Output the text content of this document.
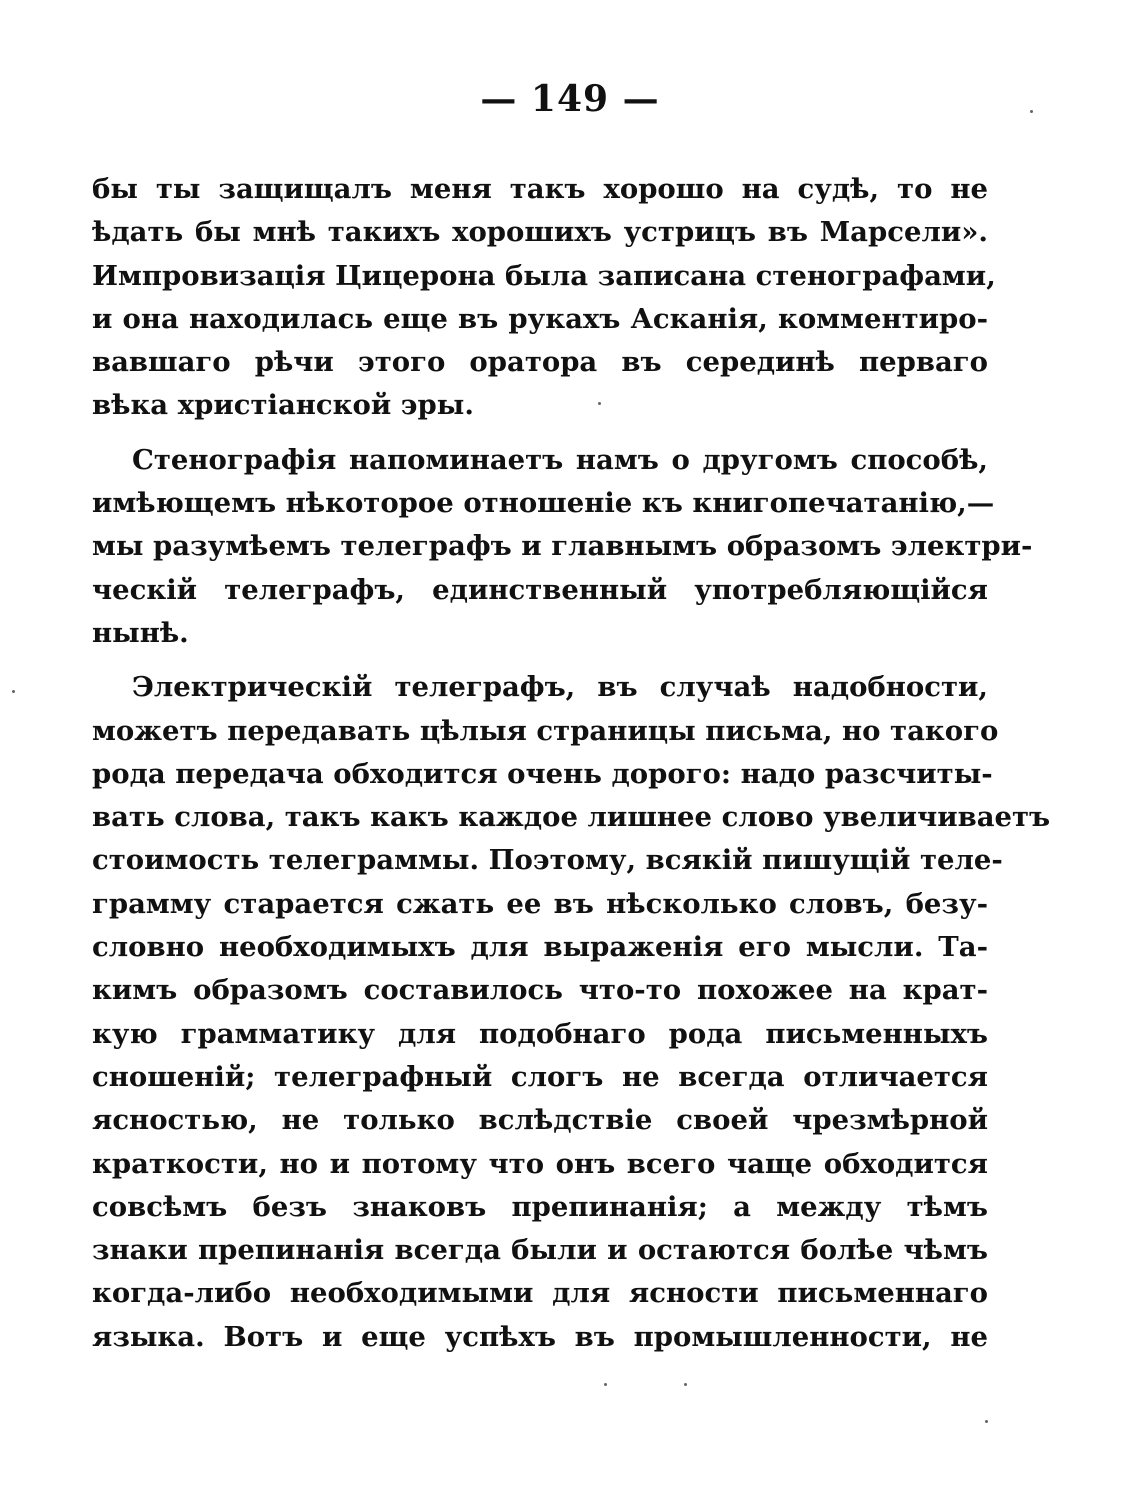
— 149 —
бы ты защищалъ меня такъ хорошо на судѣ, то не
ѣдать бы мнѣ такихъ хорошихъ устрицъ въ Марсели».
Импровизація Цицерона была записана стенографами,
и она находилась еще въ рукахъ Асканія, комментиро-
вавшаго рѣчи этого оратора въ серединѣ перваго
вѣка христіанской эры.
Стенографія напоминаетъ намъ о другомъ способѣ,
имѣющемъ нѣкоторое отношеніе къ книгопечатанію,—
мы разумѣемъ телеграфъ и главнымъ образомъ электри-
ческій телеграфъ, единственный употребляющійся
нынѣ.
Электрическій телеграфъ, въ случаѣ надобности,
можетъ передавать цѣлыя страницы письма, но такого
рода передача обходится очень дорого: надо разсчиты-
вать слова, такъ какъ каждое лишнее слово увеличиваетъ
стоимость телеграммы. Поэтому, всякій пишущій теле-
грамму старается сжать ее въ нѣсколько словъ, безу-
словно необходимыхъ для выраженія его мысли. Та-
кимъ образомъ составилось что-то похожее на крат-
кую грамматику для подобнаго рода письменныхъ
сношеній; телеграфный слогъ не всегда отличается
ясностью, не только вслѣдствіе своей чрезмѣрной
краткости, но и потому что онъ всего чаще обходится
совсѣмъ безъ знаковъ препинанія; а между тѣмъ
знаки препинанія всегда были и остаются болѣе чѣмъ
когда-либо необходимыми для ясности письменнаго
языка. Вотъ и еще успѣхъ въ промышленности, не
